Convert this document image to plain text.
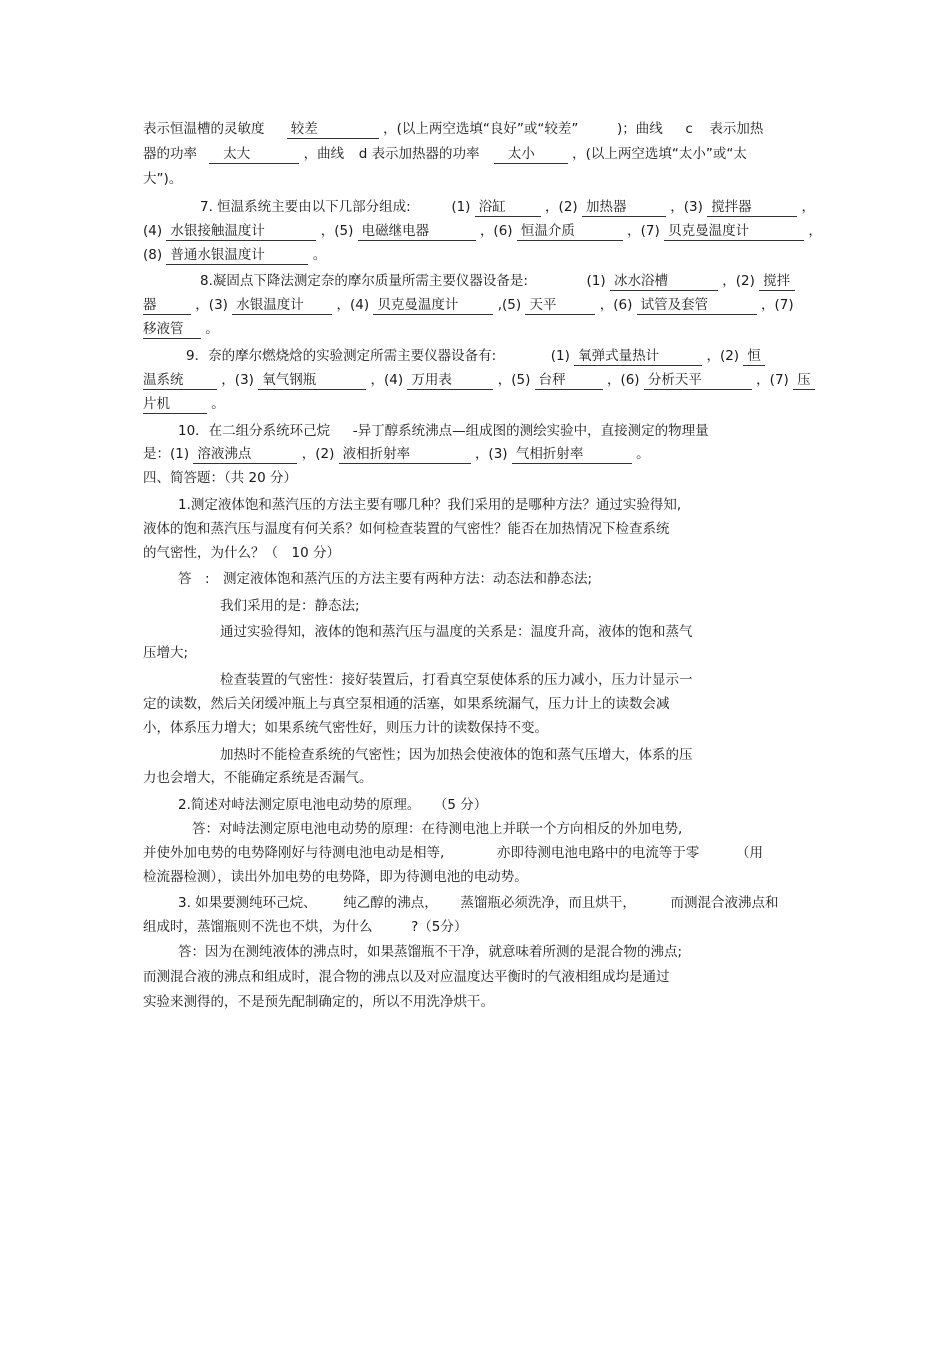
表示恒温槽的灵敏度 较差	，(以上两空选填“良好”或“较差”	)；曲线 c 表示加热
器的功率 太大	，曲线 d 表示加热器的功率 太小	，(以上两空选填“太小”或“太
大”)。
7. 恒温系统主要由以下几部分组成:	(1) 浴缸	，(2) 加热器	，(3) 搅拌器	，
(4) 水银接触温度计	，(5) 电磁继电器	，(6) 恒温介质	，(7) 贝克曼温度计	，
(8) 普通水银温度计	。
8.凝固点下降法测定奈的摩尔质量所需主要仪器设备是:	(1) 冰水浴槽	，(2) 搅拌
器	，(3) 水银温度计 ，(4) 贝克曼温度计	,(5) 天平	，(6) 试管及套管	，(7)
移液管 。
9．奈的摩尔燃烧焓的实验测定所需主要仪器设备有:	(1) 氧弹式量热计	，(2) 恒
温系统	，(3) 氧气钢瓶	，(4) 万用表	，(5) 台秤	，(6) 分析天平	，(7) 压
片机	。
10．在二组分系统环己烷 -异丁醇系统沸点—组成图的测绘实验中，直接测定的物理量
是：(1) 溶液沸点	，(2) 液相折射率	，(3) 气相折射率	。
四、简答题：（共 20 分）
1.测定液体饱和蒸汽压的方法主要有哪几种？我们采用的是哪种方法？通过实验得知,
液体的饱和蒸汽压与温度有何关系？如何检查装置的气密性？能否在加热情况下检查系统
的气密性，为什么？（　10 分）
答　:　测定液体饱和蒸汽压的方法主要有两种方法：动态法和静态法;
我们采用的是：静态法;
通过实验得知，液体的饱和蒸汽压与温度的关系是：温度升高，液体的饱和蒸气
压增大;
检查装置的气密性：接好装置后，打看真空泵使体系的压力减小，压力计显示一
定的读数，然后关闭缓冲瓶上与真空泵相通的活塞，如果系统漏气，压力计上的读数会减
小，体系压力增大；如果系统气密性好，则压力计的读数保持不变。
加热时不能检查系统的气密性；因为加热会使液体的饱和蒸气压增大，体系的压
力也会增大，不能确定系统是否漏气。
2.简述对峙法测定原电池电动势的原理。　　（5 分）
答：对峙法测定原电池电动势的原理：在待测电池上并联一个方向相反的外加电势,
并使外加电势的电势降刚好与待测电池电动是相等,	亦即待测电池电路中的电流等于零	（用
检流器检测），读出外加电势的电势降，即为待测电池的电动势。
3. 如果要测纯环己烷、 纯乙醇的沸点， 蒸馏瓶必须洗净，而且烘干，	而测混合液沸点和
组成时，蒸馏瓶则不洗也不烘，为什么	?（5分）
答：因为在测纯液体的沸点时，如果蒸馏瓶不干净，就意味着所测的是混合物的沸点;
而测混合液的沸点和组成时，混合物的沸点以及对应温度达平衡时的气液相组成均是通过
实验来测得的，不是预先配制确定的，所以不用洗净烘干。
